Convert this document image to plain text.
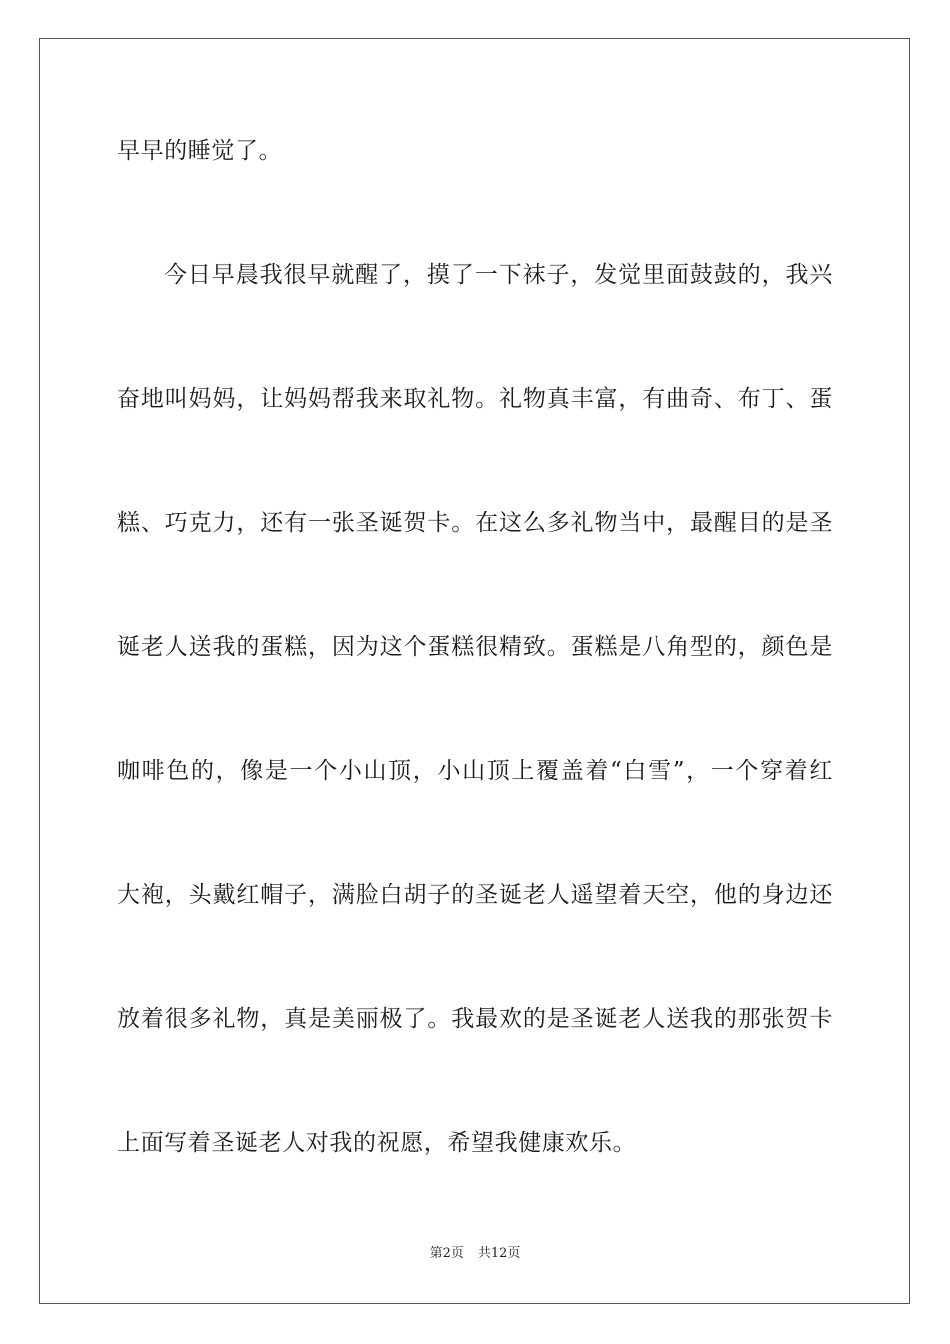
早早的睡觉了。
今日早晨我很早就醒了，摸了一下袜子，发觉里面鼓鼓的，我兴
奋地叫妈妈，让妈妈帮我来取礼物。礼物真丰富，有曲奇、布丁、蛋
糕、巧克力，还有一张圣诞贺卡。在这么多礼物当中，最醒目的是圣
诞老人送我的蛋糕，因为这个蛋糕很精致。蛋糕是八角型的，颜色是
咖啡色的，像是一个小山顶，小山顶上覆盖着“白雪”，一个穿着红
大袍，头戴红帽子，满脸白胡子的圣诞老人遥望着天空，他的身边还
放着很多礼物，真是美丽极了。我最欢的是圣诞老人送我的那张贺卡
上面写着圣诞老人对我的祝愿，希望我健康欢乐。
第2页 共12页
